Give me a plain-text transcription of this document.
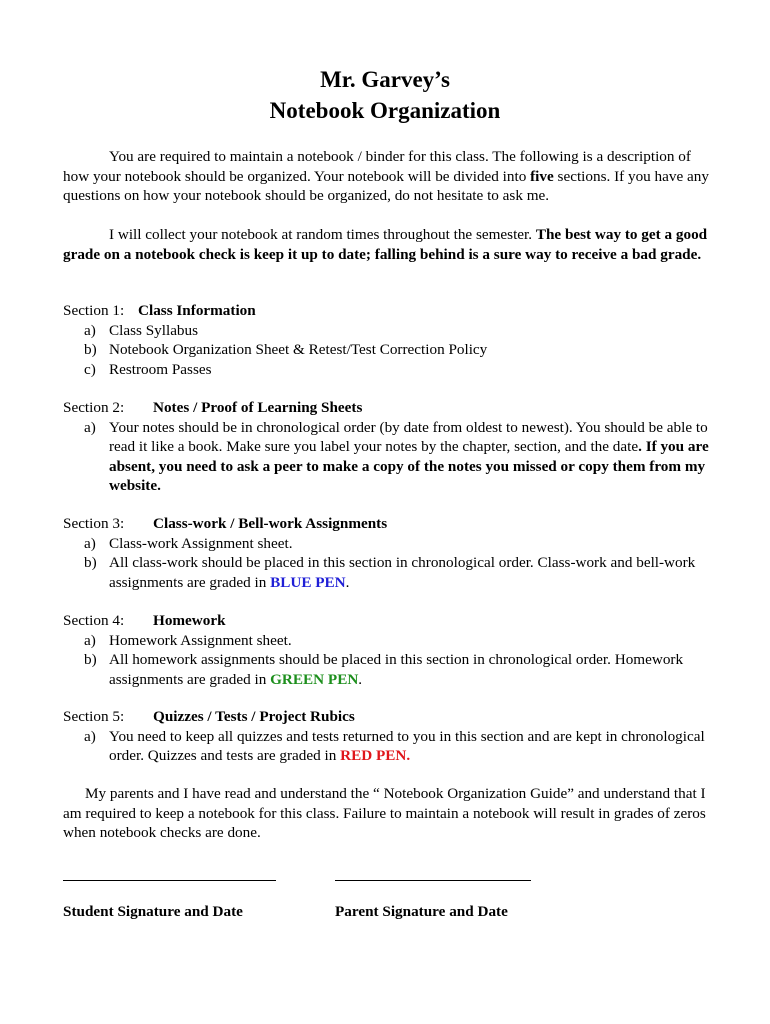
Mr. Garvey’s
Notebook Organization
You are required to maintain a notebook / binder for this class. The following is a description of how your notebook should be organized. Your notebook will be divided into five sections. If you have any questions on how your notebook should be organized, do not hesitate to ask me.
I will collect your notebook at random times throughout the semester. The best way to get a good grade on a notebook check is keep it up to date; falling behind is a sure way to receive a bad grade.
Section 1: Class Information
a) Class Syllabus
b) Notebook Organization Sheet & Retest/Test Correction Policy
c) Restroom Passes
Section 2: Notes / Proof of Learning Sheets
a) Your notes should be in chronological order (by date from oldest to newest). You should be able to read it like a book. Make sure you label your notes by the chapter, section, and the date. If you are absent, you need to ask a peer to make a copy of the notes you missed or copy them from my website.
Section 3: Class-work / Bell-work Assignments
a) Class-work Assignment sheet.
b) All class-work should be placed in this section in chronological order. Class-work and bell-work assignments are graded in BLUE PEN.
Section 4: Homework
a) Homework Assignment sheet.
b) All homework assignments should be placed in this section in chronological order. Homework assignments are graded in GREEN PEN.
Section 5: Quizzes / Tests / Project Rubics
a) You need to keep all quizzes and tests returned to you in this section and are kept in chronological order. Quizzes and tests are graded in RED PEN.
My parents and I have read and understand the “ Notebook Organization Guide” and understand that I am required to keep a notebook for this class. Failure to maintain a notebook will result in grades of zeros when notebook checks are done.
Student Signature and Date	Parent Signature and Date
